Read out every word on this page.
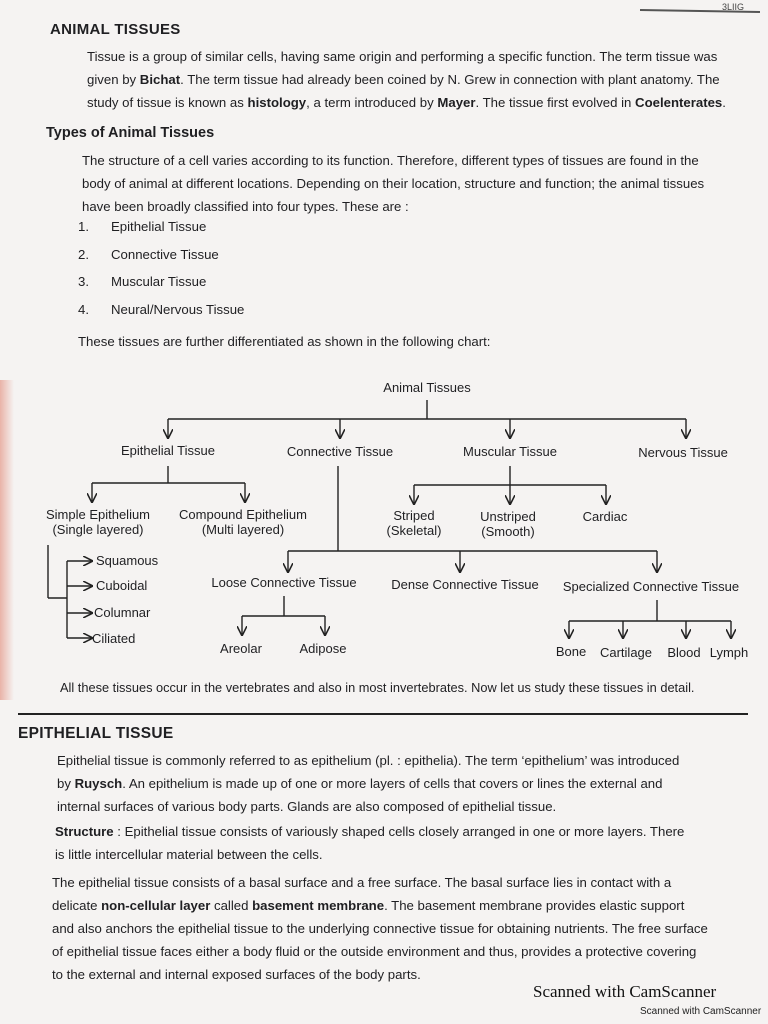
3LIIG
ANIMAL TISSUES

Tissue is a group of similar cells, having same origin and performing a specific function. The term tissue was

given by Bichat. The term tissue had already been coined by N. Grew in connection with plant anatomy. The

study of tissue is known as histology, a term introduced by Mayer. The tissue first evolved in Coelenterates.

Types of Animal Tissues

The structure of a cell varies according to its function. Therefore, different types of tissues are found in the

body of animal at different locations. Depending on their location, structure and function; the animal tissues

have been broadly classified into four types. These are :

1.	Epithelial Tissue
2.	Connective Tissue
3.	Muscular Tissue
4.	Neural/Nervous Tissue

These tissues are further differentiated as shown in the following chart:

Animal Tissues
Epithelial Tissue	Connective Tissue	Muscular Tissue	Nervous Tissue
Simple Epithelium
(Single layered)
Compound Epithelium
(Multi layered)
Squamous
Cuboidal
Columnar
Ciliated
Striped
(Skeletal)
Unstriped
(Smooth)
Cardiac
Loose Connective Tissue	Dense Connective Tissue Specialized Connective Tissue
Areolar	Adipose	Bone Cartilage Blood Lymph

All these tissues occur in the vertebrates and also in most invertebrates. Now let us study these tissues in detail.

EPITHELIAL TISSUE

Epithelial tissue is commonly referred to as epithelium (pl. : epithelia). The term ‘epithelium’ was introduced

by Ruysch. An epithelium is made up of one or more layers of cells that covers or lines the external and

internal surfaces of various body parts. Glands are also composed of epithelial tissue.

Structure : Epithelial tissue consists of variously shaped cells closely arranged in one or more layers. There

is little intercellular material between the cells.

The epithelial tissue consists of a basal surface and a free surface. The basal surface lies in contact with a

delicate non-cellular layer called basement membrane. The basement membrane provides elastic support

and also anchors the epithelial tissue to the underlying connective tissue for obtaining nutrients. The free surface

of epithelial tissue faces either a body fluid or the outside environment and thus, provides a protective covering

to the external and internal exposed surfaces of the body parts.

Scanned with CamScanner
Scanned with CamScanner
